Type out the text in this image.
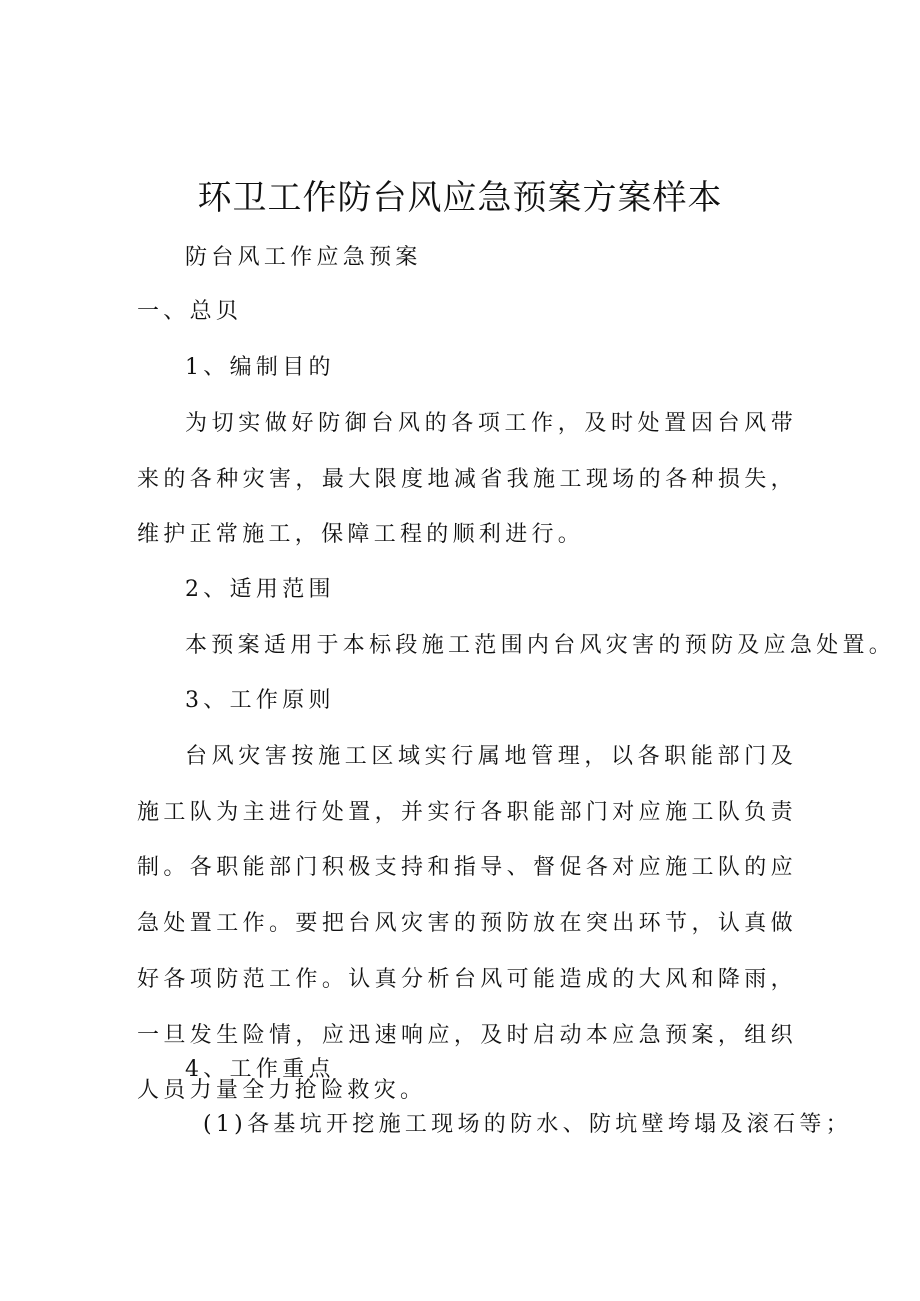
环卫工作防台风应急预案方案样本

防台风工作应急预案

一、总贝

1、编制目的

为切实做好防御台风的各项工作，及时处置因台风带来的各种灾害，最大限度地减省我施工现场的各种损失，维护正常施工，保障工程的顺利进行。

2、适用范围

本预案适用于本标段施工范围内台风灾害的预防及应急处置。

3、工作原则

台风灾害按施工区域实行属地管理，以各职能部门及施工队为主进行处置，并实行各职能部门对应施工队负责制。各职能部门积极支持和指导、督促各对应施工队的应急处置工作。要把台风灾害的预防放在突出环节，认真做好各项防范工作。认真分析台风可能造成的大风和降雨，一旦发生险情，应迅速响应，及时启动本应急预案，组织人员力量全力抢险救灾。

4、工作重点

(1)各基坑开挖施工现场的防水、防坑壁垮塌及滚石等；
